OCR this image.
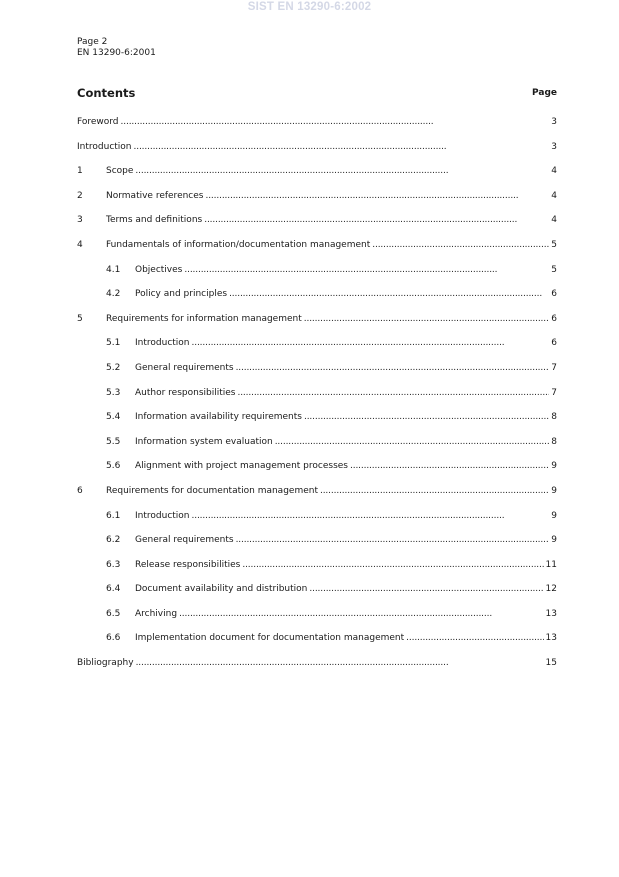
SIST EN 13290-6:2002
Page 2
EN 13290-6:2001
Contents	Page
Foreword . . .	3
Introduction . . .	3
1	Scope . . .	4
2	Normative references . . .	4
3	Terms and definitions . . .	4
4	Fundamentals of information/documentation management . . .	5
4.1	Objectives . . .	5
4.2	Policy and principles . . .	6
5	Requirements for information management . . .	6
5.1	Introduction . . .	6
5.2	General requirements . . .	7
5.3	Author responsibilities . . .	7
5.4	Information availability requirements . . .	8
5.5	Information system evaluation . . .	8
5.6	Alignment with project management processes . . .	9
6	Requirements for documentation management . . .	9
6.1	Introduction . . .	9
6.2	General requirements . . .	9
6.3	Release responsibilities . . .	11
6.4	Document availability and distribution . . .	12
6.5	Archiving . . .	13
6.6	Implementation document for documentation management . . .	13
Bibliography . . .	15
